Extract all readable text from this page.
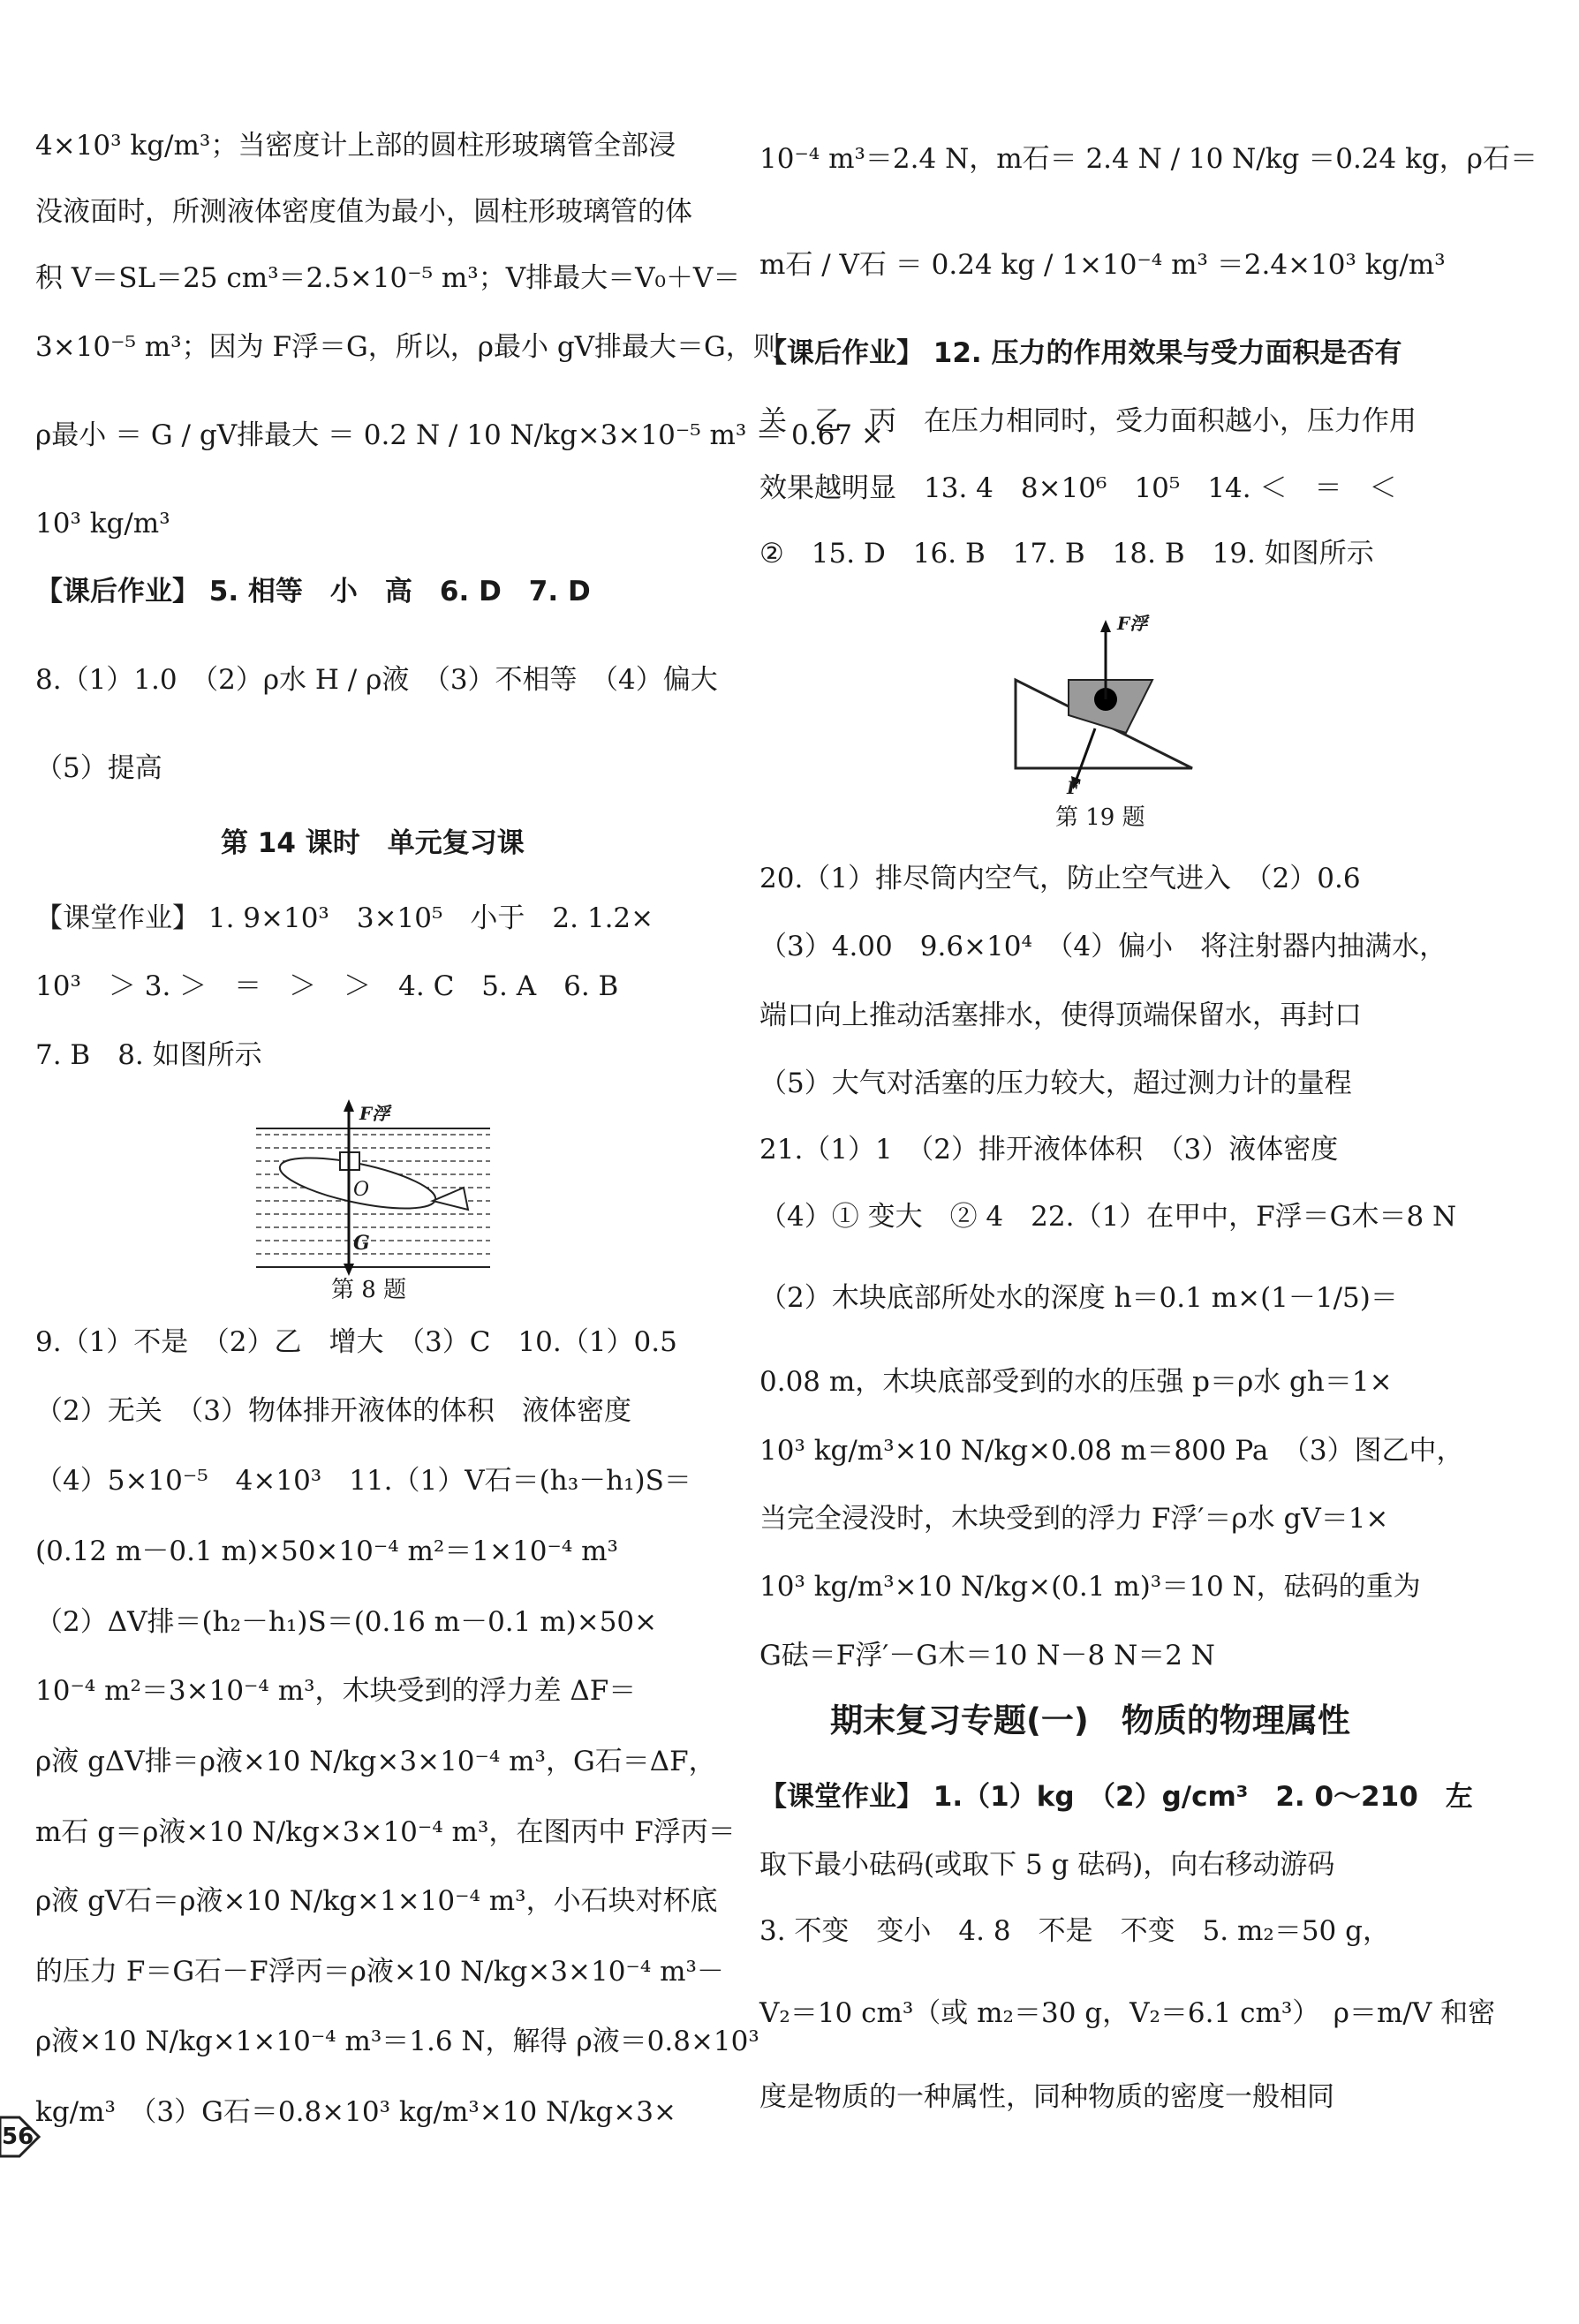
4×10³ kg/m³；当密度计上部的圆柱形玻璃管全部浸
没液面时，所测液体密度值为最小，圆柱形玻璃管的体
积 V＝SL＝25 cm³＝2.5×10⁻⁵ m³；V排最大＝V₀＋V＝
3×10⁻⁵ m³；因为 F浮＝G，所以，ρ最小 gV排最大＝G，则
ρ最小 ＝ G / gV排最大 ＝ 0.2 N / 10 N/kg×3×10⁻⁵ m³ ＝ 0.67 ×
10³ kg/m³
【课后作业】 5. 相等　小　高　6. D　7. D
8.（1）1.0　（2）ρ水 H / ρ液　（3）不相等　（4）偏大
（5）提高
第 14 课时　单元复习课
【课堂作业】 1. 9×10³　3×10⁵　小于　2. 1.2×
10³　＞ 3. ＞　＝　＞　＞　4. C　5. A　6. B
7. B　8. 如图所示
F浮
O
G
第 8 题
9.（1）不是　（2）乙　增大　（3）C　10.（1）0.5
（2）无关　（3）物体排开液体的体积　液体密度
（4）5×10⁻⁵　4×10³　11.（1）V石＝(h₃－h₁)S＝
(0.12 m－0.1 m)×50×10⁻⁴ m²＝1×10⁻⁴ m³
（2）ΔV排＝(h₂－h₁)S＝(0.16 m－0.1 m)×50×
10⁻⁴ m²＝3×10⁻⁴ m³，木块受到的浮力差 ΔF＝
ρ液 gΔV排＝ρ液×10 N/kg×3×10⁻⁴ m³，G石＝ΔF，
m石 g＝ρ液×10 N/kg×3×10⁻⁴ m³，在图丙中 F浮丙＝
ρ液 gV石＝ρ液×10 N/kg×1×10⁻⁴ m³，小石块对杯底
的压力 F＝G石－F浮丙＝ρ液×10 N/kg×3×10⁻⁴ m³－
ρ液×10 N/kg×1×10⁻⁴ m³＝1.6 N，解得 ρ液＝0.8×10³
kg/m³　（3）G石＝0.8×10³ kg/m³×10 N/kg×3×
10⁻⁴ m³＝2.4 N，m石＝ 2.4 N / 10 N/kg ＝0.24 kg，ρ石＝
m石 / V石 ＝ 0.24 kg / 1×10⁻⁴ m³ ＝2.4×10³ kg/m³
【课后作业】 12. 压力的作用效果与受力面积是否有
关　乙　丙　在压力相同时，受力面积越小，压力作用
效果越明显　13. 4　8×10⁶　10⁵　14. ＜　＝　＜
②　15. D　16. B　17. B　18. B　19. 如图所示
F浮
F
第 19 题
20.（1）排尽筒内空气，防止空气进入　（2）0.6
（3）4.00　9.6×10⁴　（4）偏小　将注射器内抽满水，
端口向上推动活塞排水，使得顶端保留水，再封口
（5）大气对活塞的压力较大，超过测力计的量程
21.（1）1　（2）排开液体体积　（3）液体密度
（4）① 变大　② 4　22.（1）在甲中，F浮＝G木＝8 N
（2）木块底部所处水的深度 h＝0.1 m×(1－1/5)＝
0.08 m，木块底部受到的水的压强 p＝ρ水 gh＝1×
10³ kg/m³×10 N/kg×0.08 m＝800 Pa　（3）图乙中，
当完全浸没时，木块受到的浮力 F浮′＝ρ水 gV＝1×
10³ kg/m³×10 N/kg×(0.1 m)³＝10 N，砝码的重为
G砝＝F浮′－G木＝10 N－8 N＝2 N
期末复习专题(一)　物质的物理属性
【课堂作业】 1.（1）kg　（2）g/cm³　2. 0～210　左
取下最小砝码(或取下 5 g 砝码)，向右移动游码
3. 不变　变小　4. 8　不是　不变　5. m₂＝50 g，
V₂＝10 cm³（或 m₂＝30 g，V₂＝6.1 cm³）　ρ＝m/V 和密
度是物质的一种属性，同种物质的密度一般相同
56
